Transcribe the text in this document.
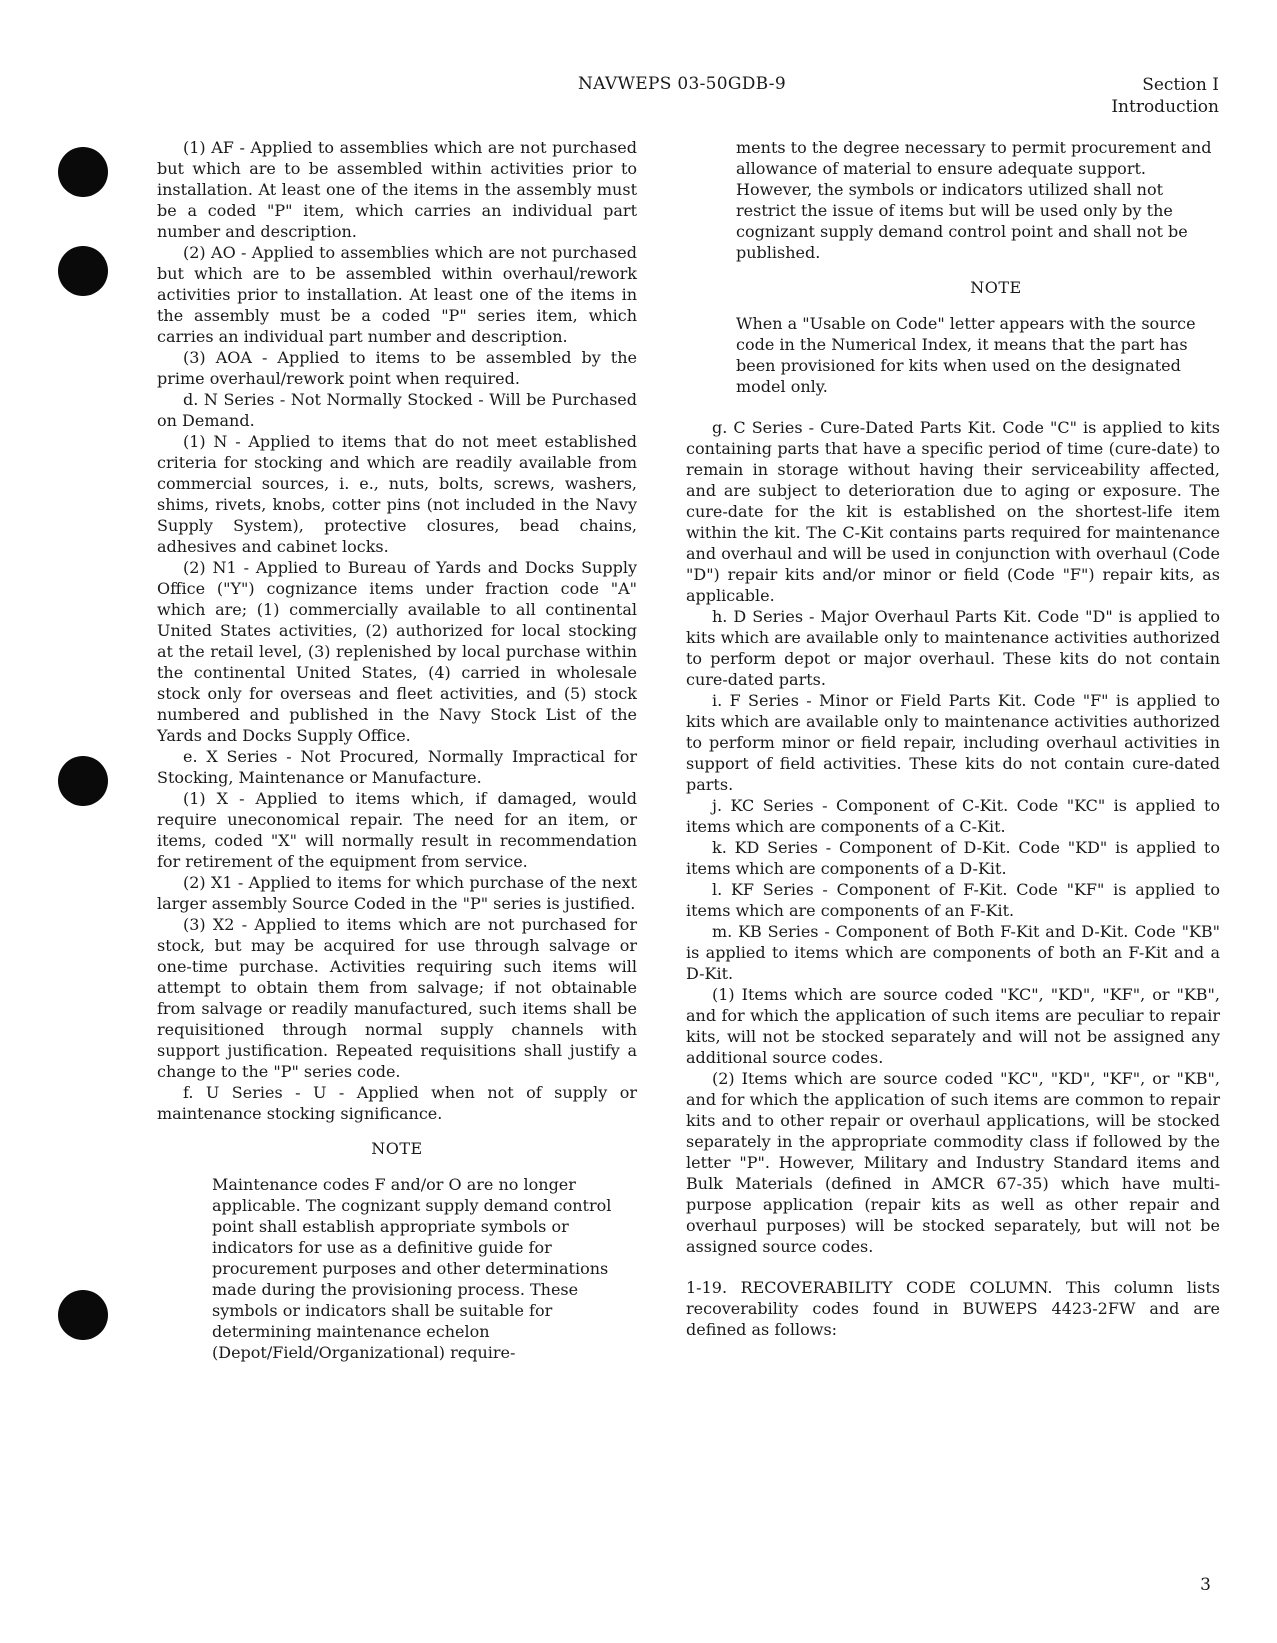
NAVWEPS 03-50GDB-9	Section I
Introduction

(1) AF - Applied to assemblies which are not purchased but which are to be assembled within activities prior to installation. At least one of the items in the assembly must be a coded "P" item, which carries an individual part number and description.

(2) AO - Applied to assemblies which are not purchased but which are to be assembled within overhaul/rework activities prior to installation. At least one of the items in the assembly must be a coded "P" series item, which carries an individual part number and description.

(3) AOA - Applied to items to be assembled by the prime overhaul/rework point when required.

d. N Series - Not Normally Stocked - Will be Purchased on Demand.

(1) N - Applied to items that do not meet established criteria for stocking and which are readily available from commercial sources, i. e., nuts, bolts, screws, washers, shims, rivets, knobs, cotter pins (not included in the Navy Supply System), protective closures, bead chains, adhesives and cabinet locks.

(2) N1 - Applied to Bureau of Yards and Docks Supply Office ("Y") cognizance items under fraction code "A" which are; (1) commercially available to all continental United States activities, (2) authorized for local stocking at the retail level, (3) replenished by local purchase within the continental United States, (4) carried in wholesale stock only for overseas and fleet activities, and (5) stock numbered and published in the Navy Stock List of the Yards and Docks Supply Office.

e. X Series - Not Procured, Normally Impractical for Stocking, Maintenance or Manufacture.

(1) X - Applied to items which, if damaged, would require uneconomical repair. The need for an item, or items, coded "X" will normally result in recommendation for retirement of the equipment from service.

(2) X1 - Applied to items for which purchase of the next larger assembly Source Coded in the "P" series is justified.

(3) X2 - Applied to items which are not purchased for stock, but may be acquired for use through salvage or one-time purchase. Activities requiring such items will attempt to obtain them from salvage; if not obtainable from salvage or readily manufactured, such items shall be requisitioned through normal supply channels with support justification. Repeated requisitions shall justify a change to the "P" series code.

f. U Series - U - Applied when not of supply or maintenance stocking significance.

NOTE

Maintenance codes F and/or O are no longer applicable. The cognizant supply demand control point shall establish appropriate symbols or indicators for use as a definitive guide for procurement purposes and other determinations made during the provisioning process. These symbols or indicators shall be suitable for determining maintenance echelon (Depot/Field/Organizational) require-

ments to the degree necessary to permit procurement and allowance of material to ensure adequate support. However, the symbols or indicators utilized shall not restrict the issue of items but will be used only by the cognizant supply demand control point and shall not be published.

NOTE

When a "Usable on Code" letter appears with the source code in the Numerical Index, it means that the part has been provisioned for kits when used on the designated model only.

g. C Series - Cure-Dated Parts Kit. Code "C" is applied to kits containing parts that have a specific period of time (cure-date) to remain in storage without having their serviceability affected, and are subject to deterioration due to aging or exposure. The cure-date for the kit is established on the shortest-life item within the kit. The C-Kit contains parts required for maintenance and overhaul and will be used in conjunction with overhaul (Code "D") repair kits and/or minor or field (Code "F") repair kits, as applicable.

h. D Series - Major Overhaul Parts Kit. Code "D" is applied to kits which are available only to maintenance activities authorized to perform depot or major overhaul. These kits do not contain cure-dated parts.

i. F Series - Minor or Field Parts Kit. Code "F" is applied to kits which are available only to maintenance activities authorized to perform minor or field repair, including overhaul activities in support of field activities. These kits do not contain cure-dated parts.

j. KC Series - Component of C-Kit. Code "KC" is applied to items which are components of a C-Kit.

k. KD Series - Component of D-Kit. Code "KD" is applied to items which are components of a D-Kit.

l. KF Series - Component of F-Kit. Code "KF" is applied to items which are components of an F-Kit.

m. KB Series - Component of Both F-Kit and D-Kit. Code "KB" is applied to items which are components of both an F-Kit and a D-Kit.

(1) Items which are source coded "KC", "KD", "KF", or "KB", and for which the application of such items are peculiar to repair kits, will not be stocked separately and will not be assigned any additional source codes.

(2) Items which are source coded "KC", "KD", "KF", or "KB", and for which the application of such items are common to repair kits and to other repair or overhaul applications, will be stocked separately in the appropriate commodity class if followed by the letter "P". However, Military and Industry Standard items and Bulk Materials (defined in AMCR 67-35) which have multi-purpose application (repair kits as well as other repair and overhaul purposes) will be stocked separately, but will not be assigned source codes.

1-19. RECOVERABILITY CODE COLUMN. This column lists recoverability codes found in BUWEPS 4423-2FW and are defined as follows:

3
